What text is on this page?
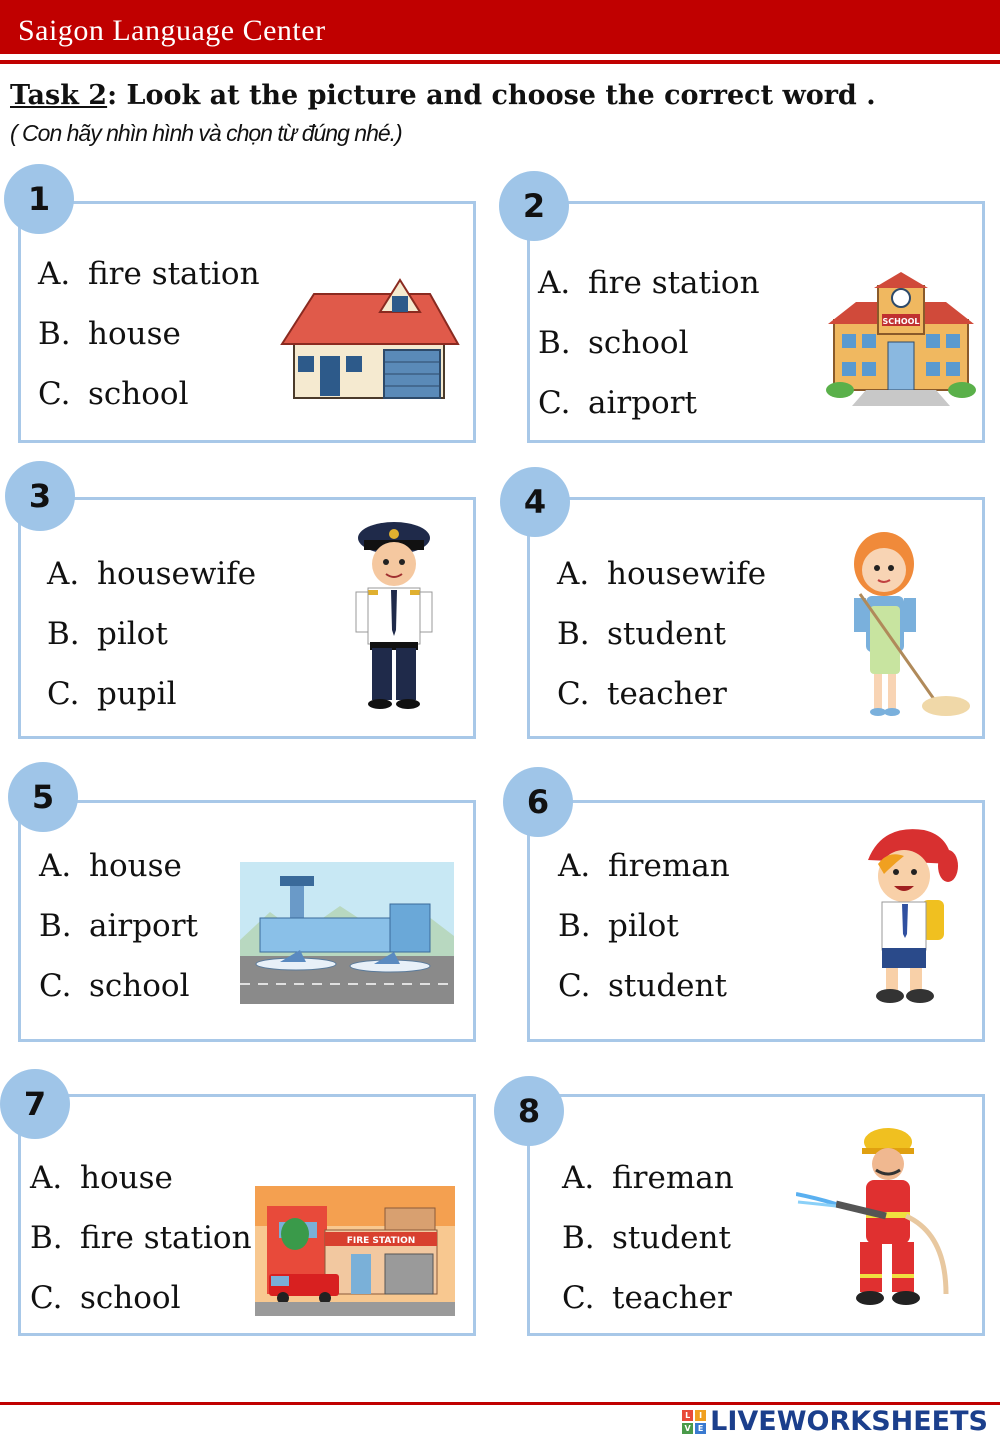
Saigon Language Center
Task 2: Look at the picture and choose the correct word .
( Con hãy nhìn hình và chọn từ đúng nhé.)
1
A. fire station
B. house
C. school
2
A. fire station
B. school
C. airport
SCHOOL
3
A. housewife
B. pilot
C. pupil
4
A. housewife
B. student
C. teacher
5
A. house
B. airport
C. school
6
A. fireman
B. pilot
C. student
7
A. house
B. fire station
C. school
FIRE STATION
8
A. fireman
B. student
C. teacher
L	I
V E LIVEWORKSHEETS
